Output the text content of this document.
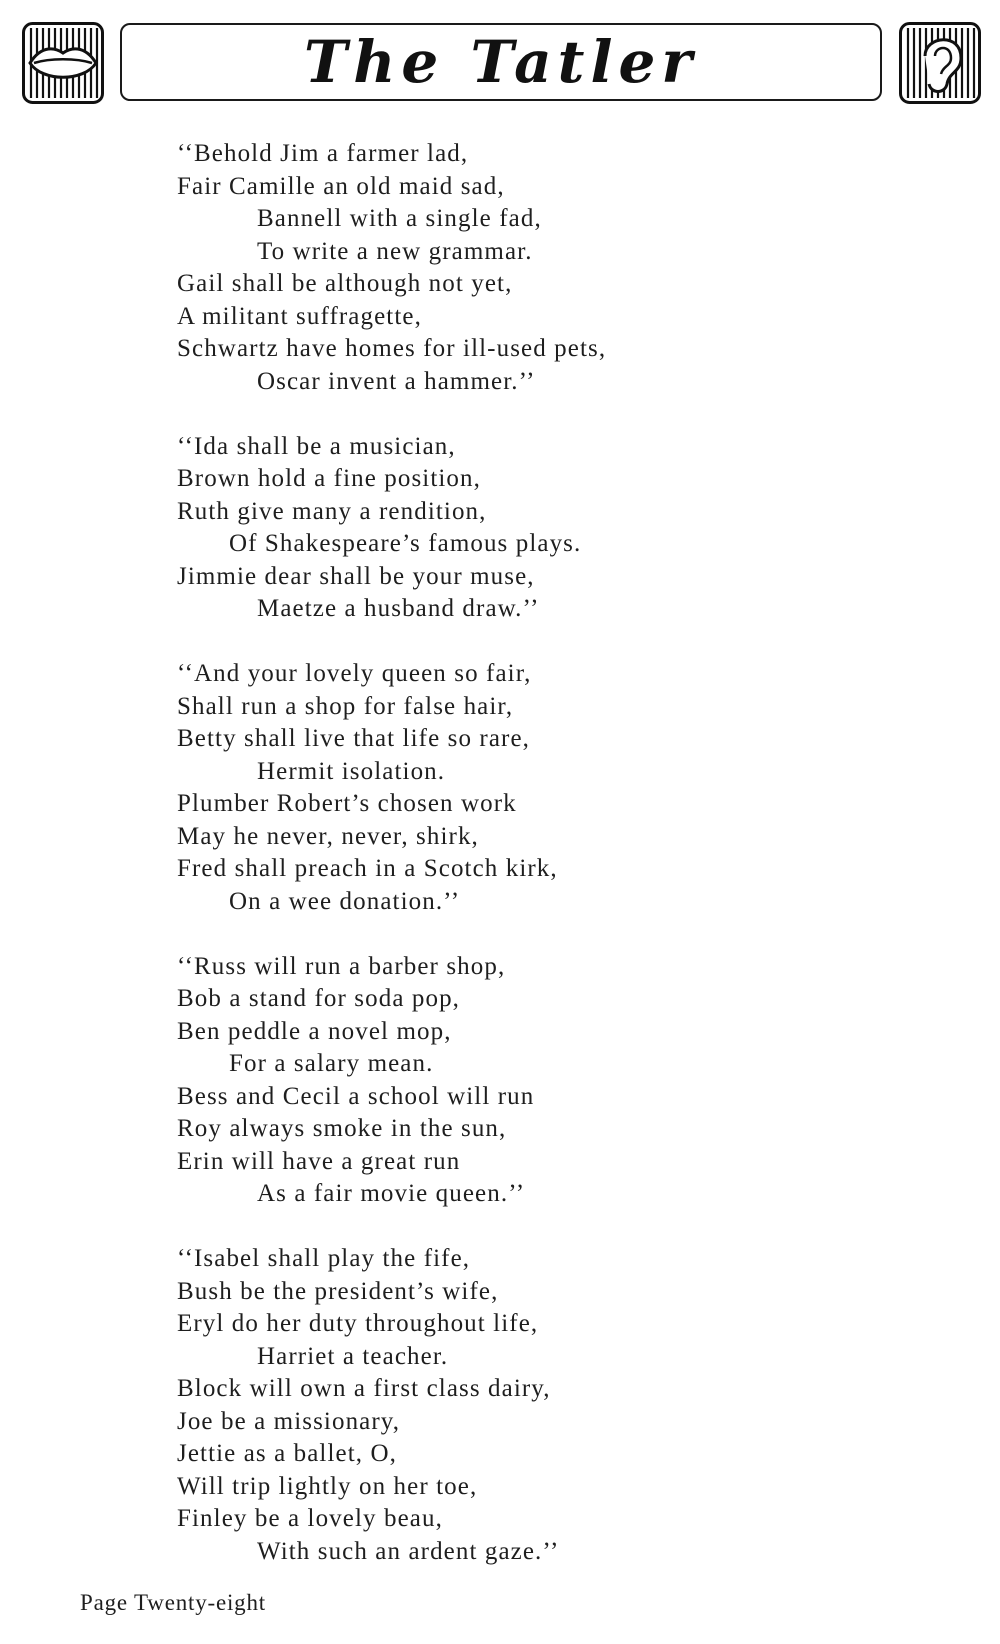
The Tatler
‘‘Behold Jim a farmer lad,
Fair Camille an old maid sad,
Bannell with a single fad,
To write a new grammar.
Gail shall be although not yet,
A militant suffragette,
Schwartz have homes for ill-used pets,
Oscar invent a hammer.’’
‘‘Ida shall be a musician,
Brown hold a fine position,
Ruth give many a rendition,
Of Shakespeare’s famous plays.
Jimmie dear shall be your muse,
Maetze a husband draw.’’
‘‘And your lovely queen so fair,
Shall run a shop for false hair,
Betty shall live that life so rare,
Hermit isolation.
Plumber Robert’s chosen work
May he never, never, shirk,
Fred shall preach in a Scotch kirk,
On a wee donation.’’
‘‘Russ will run a barber shop,
Bob a stand for soda pop,
Ben peddle a novel mop,
For a salary mean.
Bess and Cecil a school will run
Roy always smoke in the sun,
Erin will have a great run
As a fair movie queen.’’
‘‘Isabel shall play the fife,
Bush be the president’s wife,
Eryl do her duty throughout life,
Harriet a teacher.
Block will own a first class dairy,
Joe be a missionary,
Jettie as a ballet, O,
Will trip lightly on her toe,
Finley be a lovely beau,
With such an ardent gaze.’’
Page Twenty-eight
